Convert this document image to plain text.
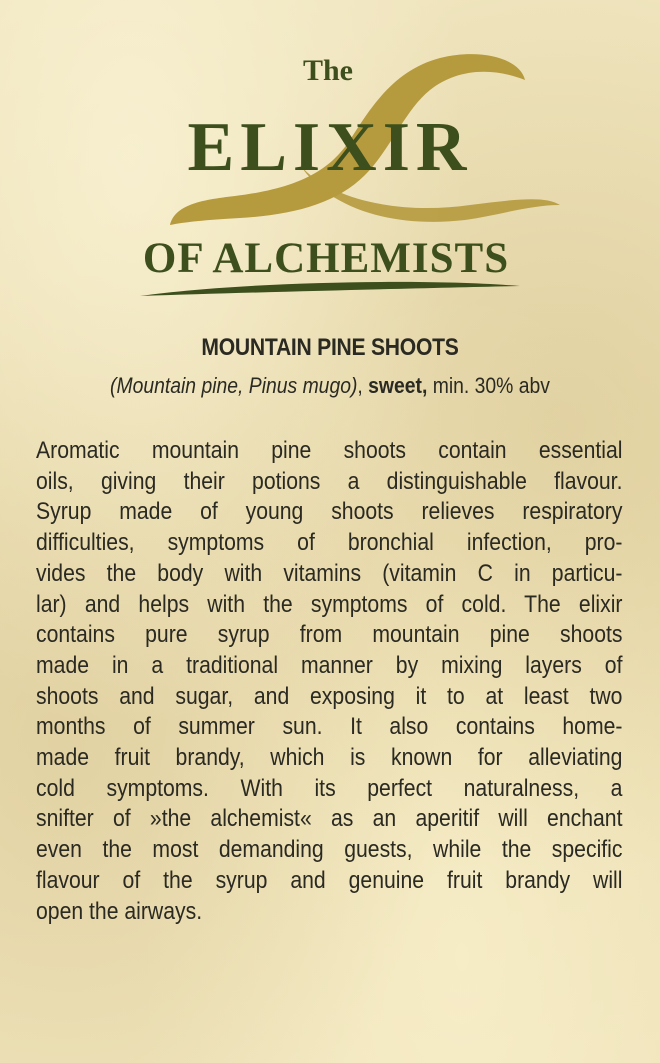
The
ELIXIR
OF ALCHEMISTS
MOUNTAIN PINE SHOOTS
(Mountain pine, Pinus mugo), sweet, min. 30% abv
Aromatic mountain pine shoots contain essential
oils, giving their potions a distinguishable flavour.
Syrup made of young shoots relieves respiratory
difficulties, symptoms of bronchial infection, pro-
vides the body with vitamins (vitamin C in particu-
lar) and helps with the symptoms of cold. The elixir
contains pure syrup from mountain pine shoots
made in a traditional manner by mixing layers of
shoots and sugar, and exposing it to at least two
months of summer sun. It also contains home-
made fruit brandy, which is known for alleviating
cold symptoms. With its perfect naturalness, a
snifter of »the alchemist« as an aperitif will enchant
even the most demanding guests, while the specific
flavour of the syrup and genuine fruit brandy will
open the airways.
